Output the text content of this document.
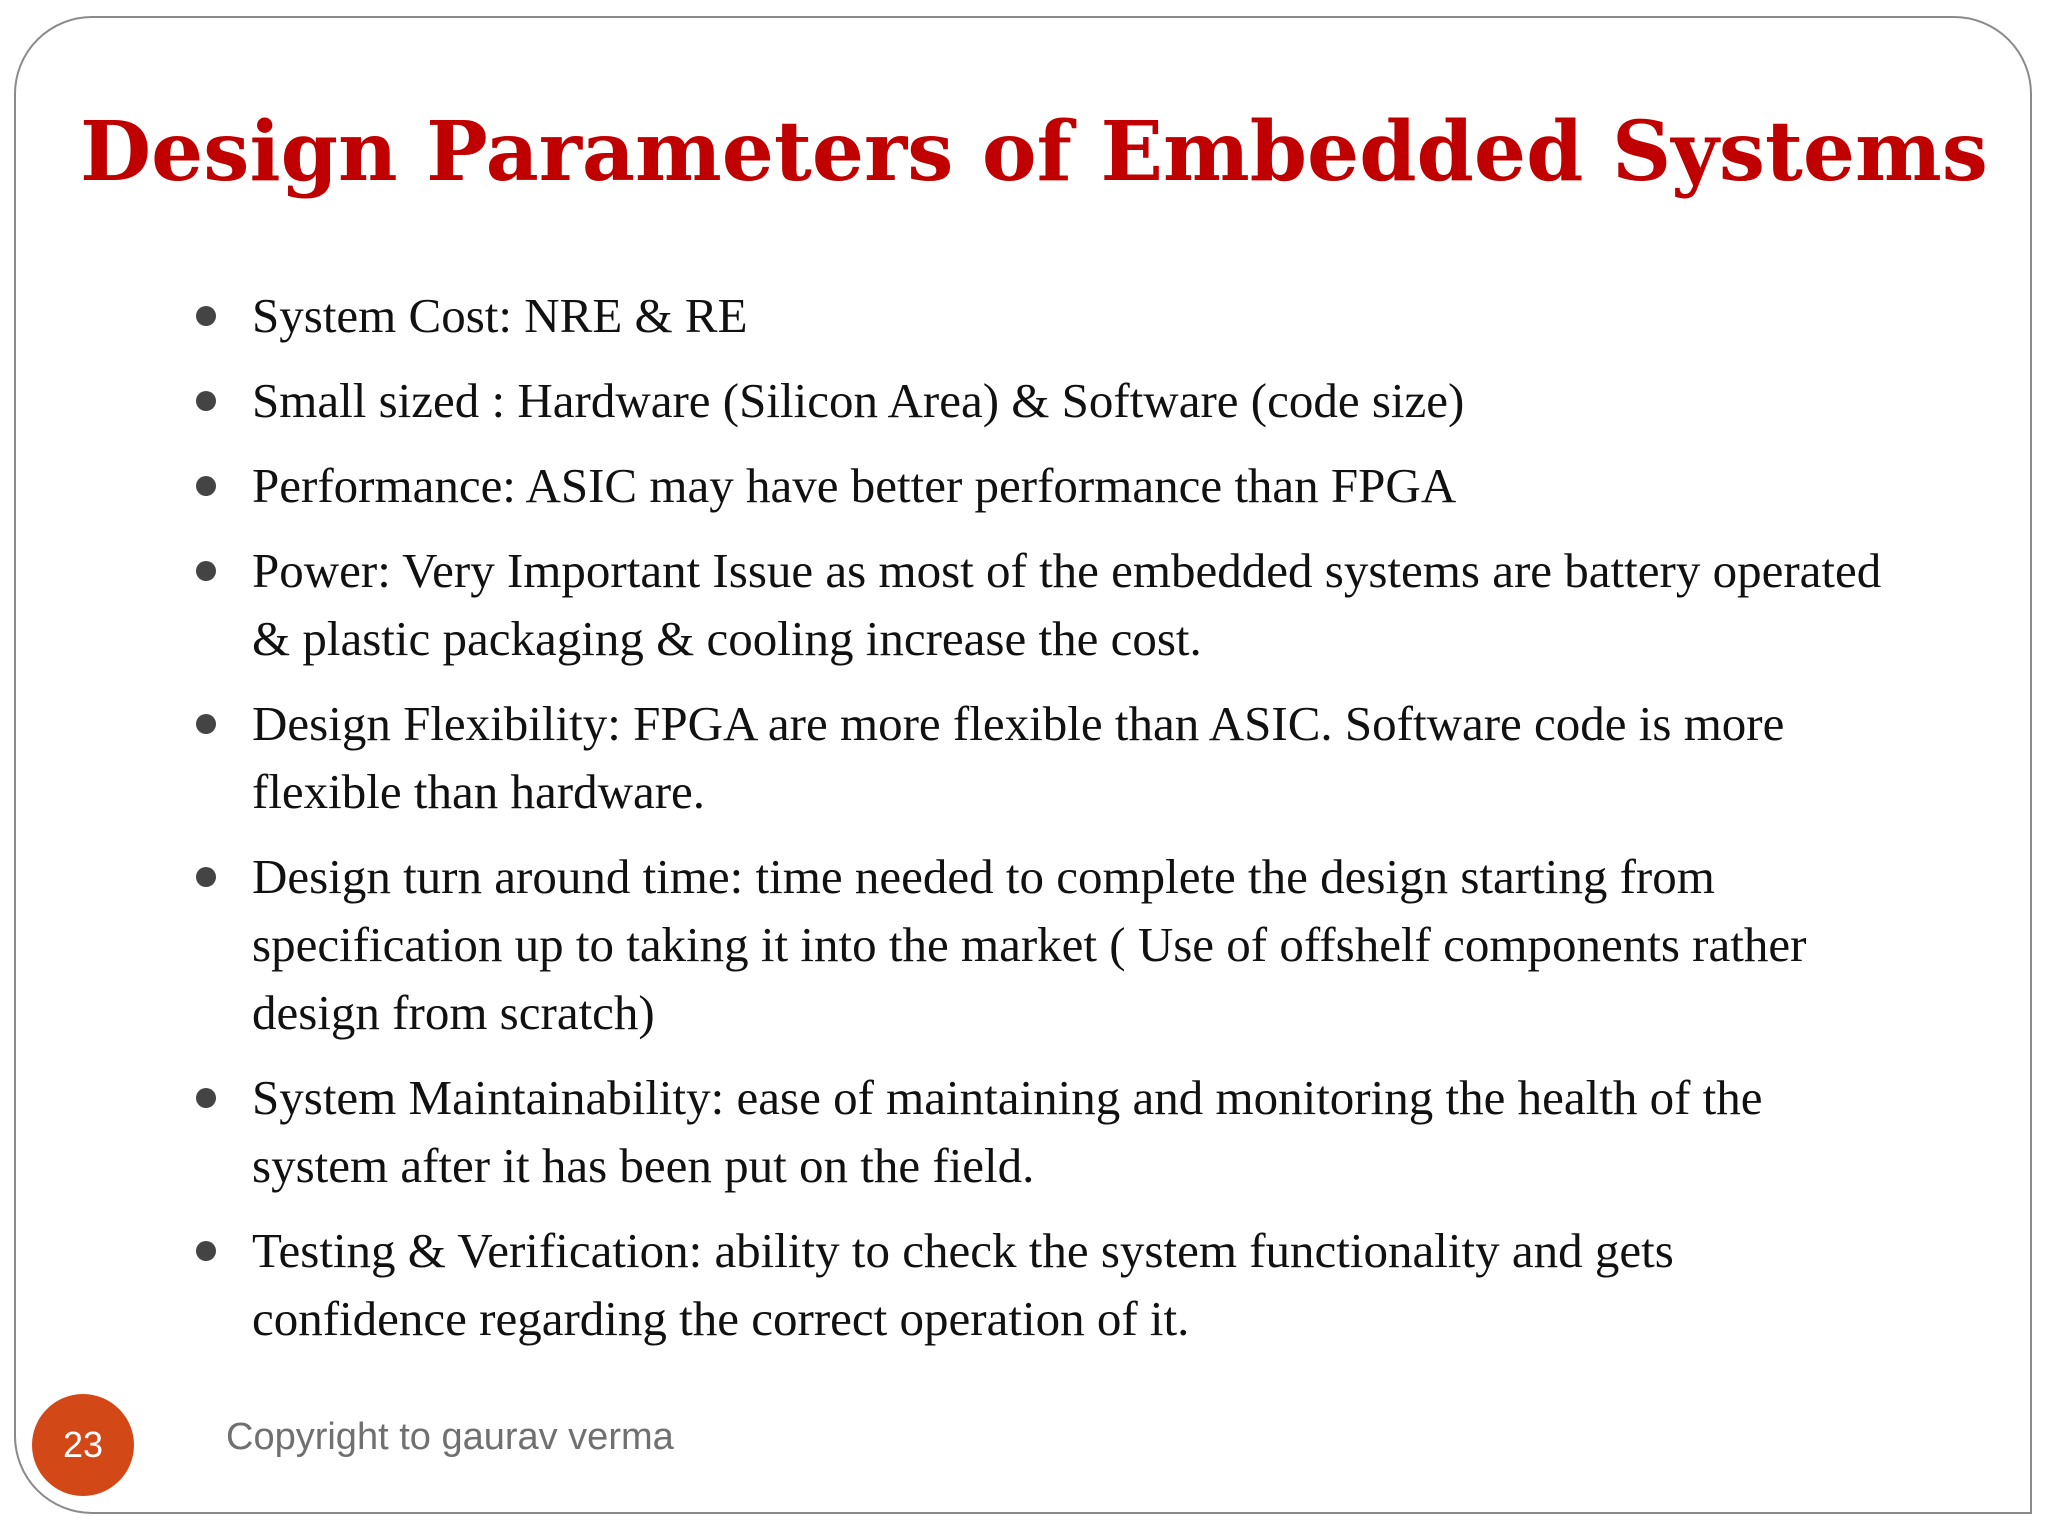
Design Parameters of Embedded Systems
System Cost: NRE & RE
Small sized : Hardware (Silicon Area) & Software (code size)
Performance: ASIC may have better performance than FPGA
Power: Very Important Issue as most of the embedded systems are battery operated & plastic packaging & cooling increase the cost.
Design Flexibility: FPGA are more flexible than ASIC. Software code is more flexible than hardware.
Design turn around time: time needed to complete the design starting from specification up to taking it into the market ( Use of offshelf components rather design from scratch)
System Maintainability: ease of maintaining and monitoring the health of the system after it has been put on the field.
Testing & Verification: ability to check the system functionality and gets confidence regarding the correct operation of it.
23	Copyright to gaurav verma
